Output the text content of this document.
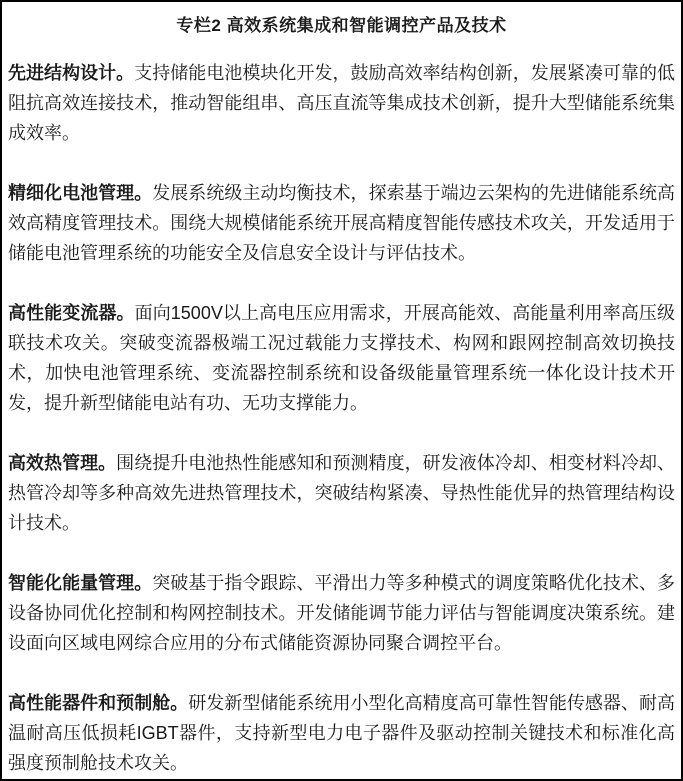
专栏2 高效系统集成和智能调控产品及技术

先进结构设计。支持储能电池模块化开发，鼓励高效率结构创新，发展紧凑可靠的低阻抗高效连接技术，推动智能组串、高压直流等集成技术创新，提升大型储能系统集成效率。

精细化电池管理。发展系统级主动均衡技术，探索基于端边云架构的先进储能系统高效高精度管理技术。围绕大规模储能系统开展高精度智能传感技术攻关，开发适用于储能电池管理系统的功能安全及信息安全设计与评估技术。

高性能变流器。面向1500V以上高电压应用需求，开展高能效、高能量利用率高压级联技术攻关。突破变流器极端工况过载能力支撑技术、构网和跟网控制高效切换技术，加快电池管理系统、变流器控制系统和设备级能量管理系统一体化设计技术开发，提升新型储能电站有功、无功支撑能力。

高效热管理。围绕提升电池热性能感知和预测精度，研发液体冷却、相变材料冷却、热管冷却等多种高效先进热管理技术，突破结构紧凑、导热性能优异的热管理结构设计技术。

智能化能量管理。突破基于指令跟踪、平滑出力等多种模式的调度策略优化技术、多设备协同优化控制和构网控制技术。开发储能调节能力评估与智能调度决策系统。建设面向区域电网综合应用的分布式储能资源协同聚合调控平台。

高性能器件和预制舱。研发新型储能系统用小型化高精度高可靠性智能传感器、耐高温耐高压低损耗IGBT器件，支持新型电力电子器件及驱动控制关键技术和标准化高强度预制舱技术攻关。
